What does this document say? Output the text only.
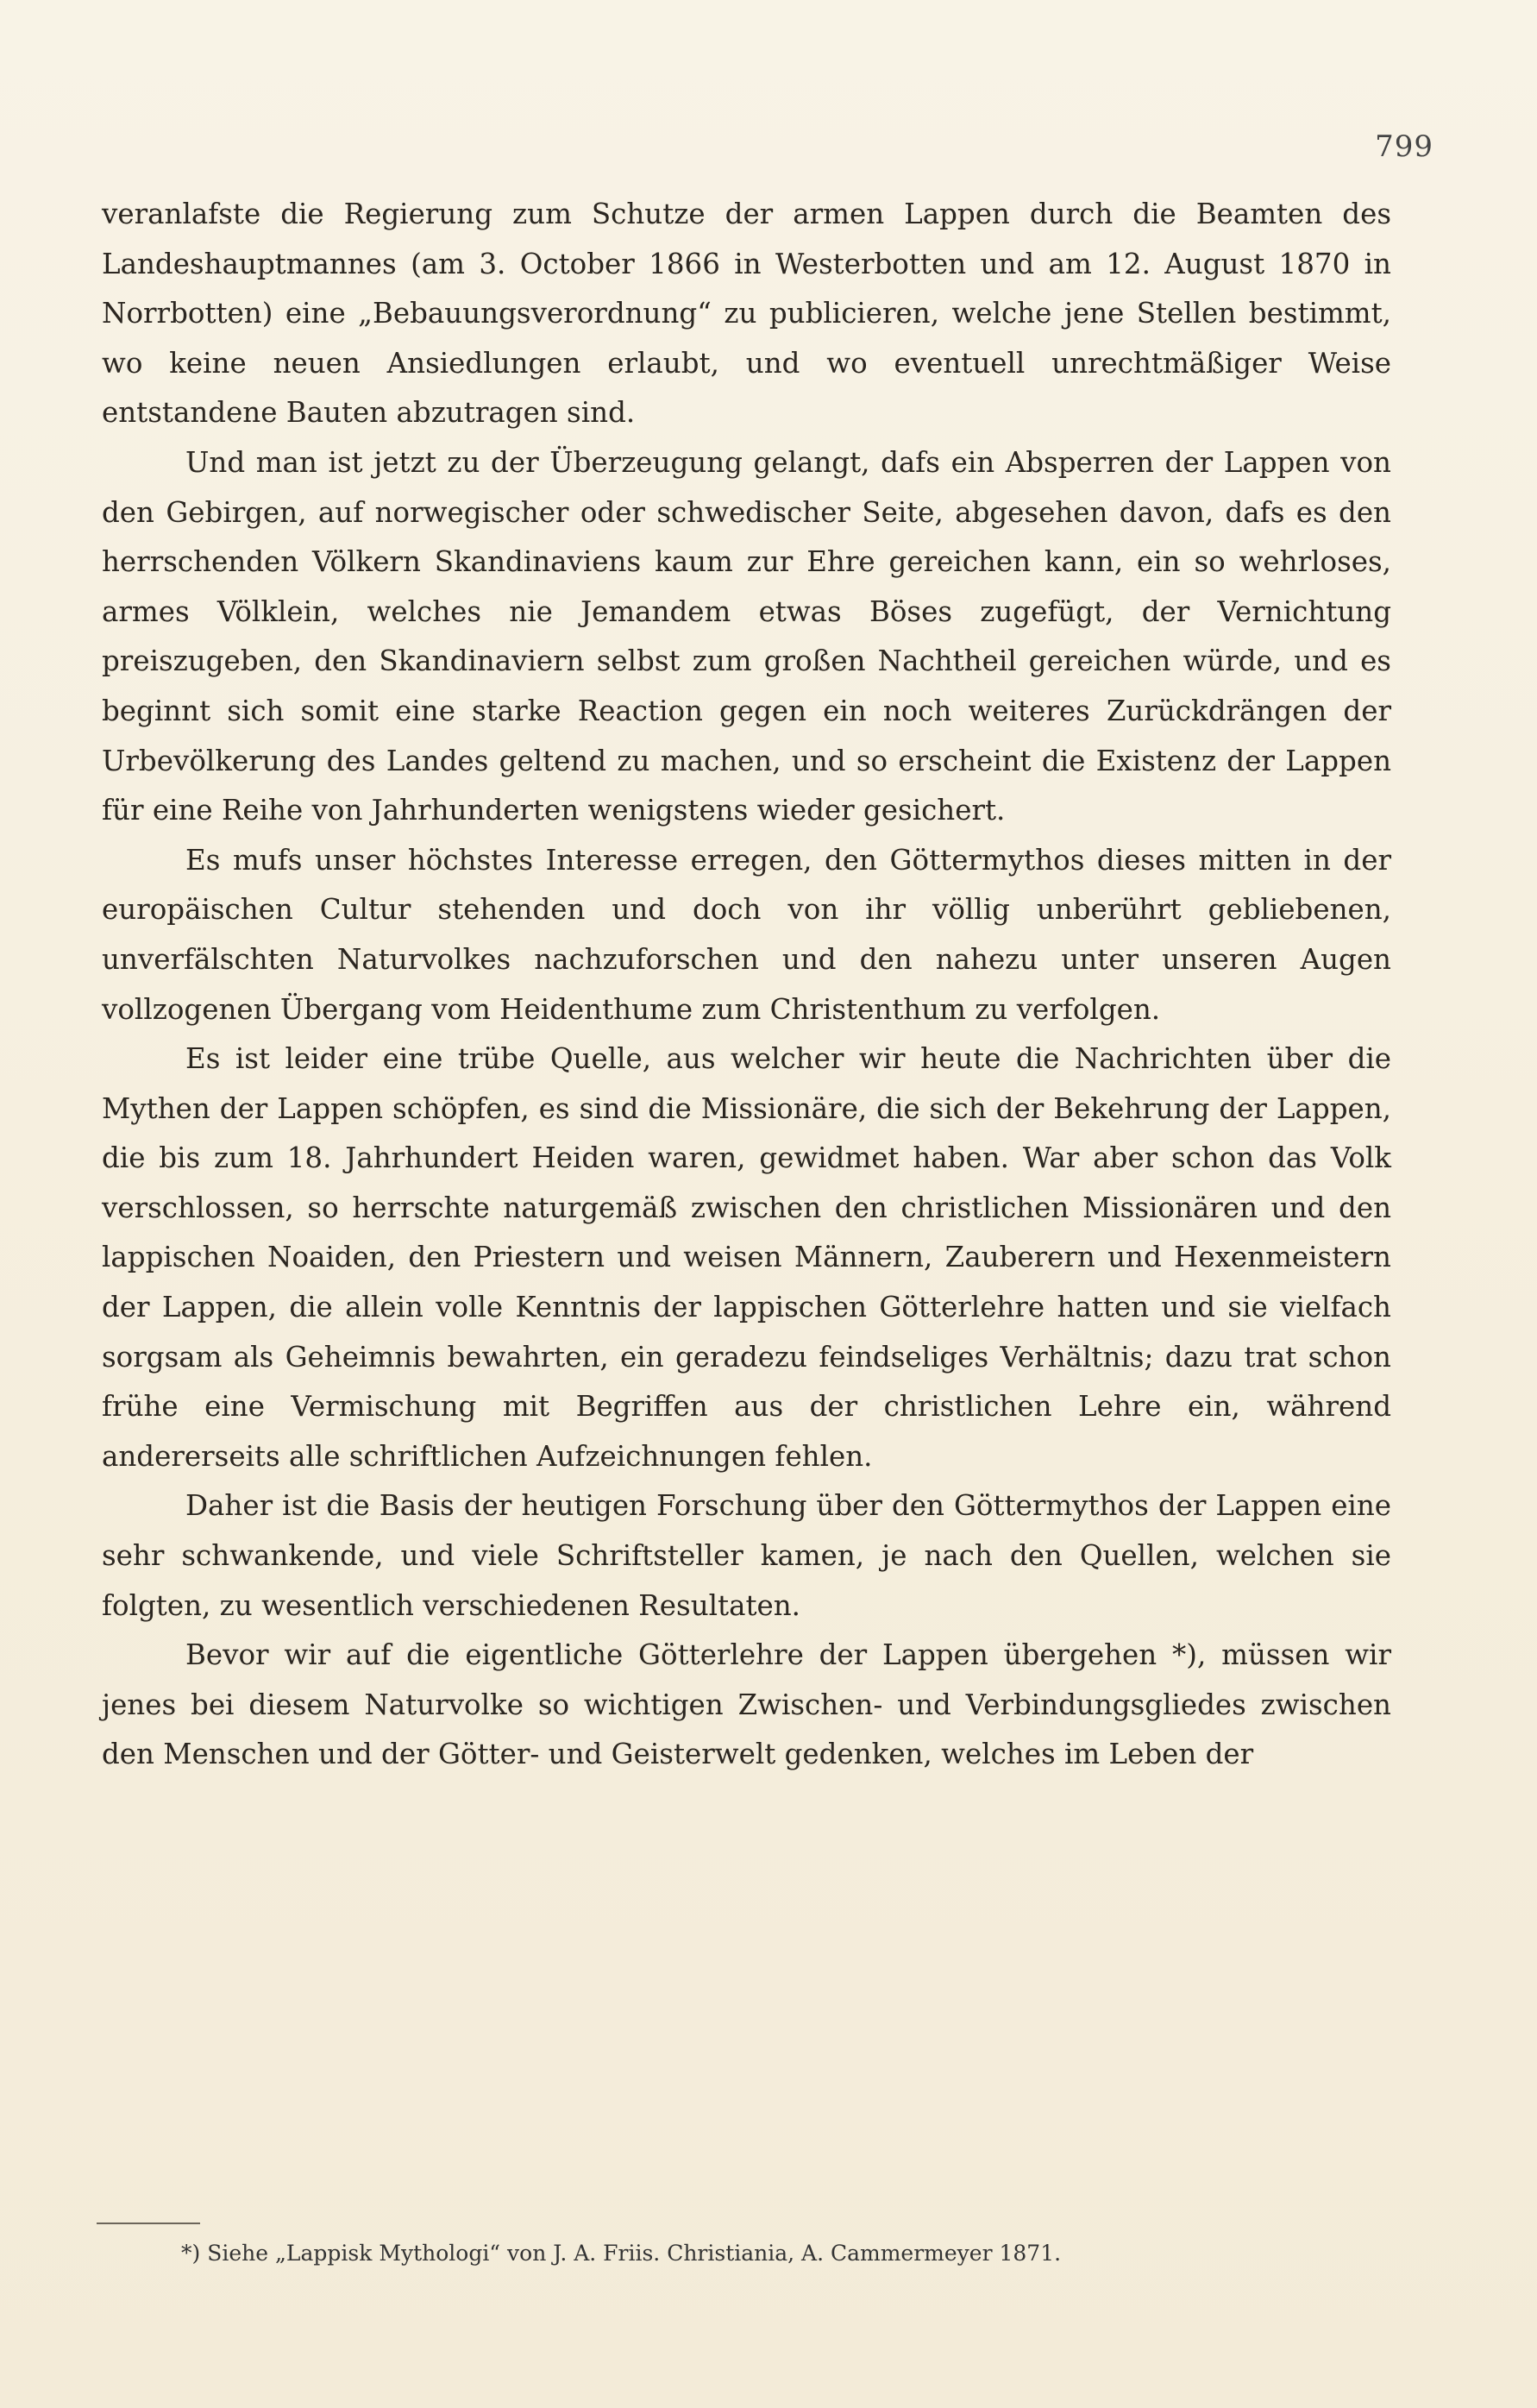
799

veranlafste die Regierung zum Schutze der armen Lappen durch die Beamten des Landeshauptmannes (am 3. October 1866 in Westerbotten und am 12. August 1870 in Norrbotten) eine „Bebauungsverordnung“ zu publicieren, welche jene Stellen bestimmt, wo keine neuen Ansiedlungen erlaubt, und wo eventuell unrechtmäßiger Weise entstandene Bauten abzutragen sind.

Und man ist jetzt zu der Überzeugung gelangt, dafs ein Absperren der Lappen von den Gebirgen, auf norwegischer oder schwedischer Seite, abgesehen davon, dafs es den herrschenden Völkern Skandinaviens kaum zur Ehre gereichen kann, ein so wehrloses, armes Völklein, welches nie Jemandem etwas Böses zugefügt, der Vernichtung preiszugeben, den Skandinaviern selbst zum großen Nachtheil gereichen würde, und es beginnt sich somit eine starke Reaction gegen ein noch weiteres Zurückdrängen der Urbevölkerung des Landes geltend zu machen, und so erscheint die Existenz der Lappen für eine Reihe von Jahrhunderten wenigstens wieder gesichert.

Es mufs unser höchstes Interesse erregen, den Göttermythos dieses mitten in der europäischen Cultur stehenden und doch von ihr völlig unberührt gebliebenen, unverfälschten Naturvolkes nachzuforschen und den nahezu unter unseren Augen vollzogenen Übergang vom Heidenthume zum Christenthum zu verfolgen.

Es ist leider eine trübe Quelle, aus welcher wir heute die Nachrichten über die Mythen der Lappen schöpfen, es sind die Missionäre, die sich der Bekehrung der Lappen, die bis zum 18. Jahrhundert Heiden waren, gewidmet haben. War aber schon das Volk verschlossen, so herrschte naturgemäß zwischen den christlichen Missionären und den lappischen Noaiden, den Priestern und weisen Männern, Zauberern und Hexenmeistern der Lappen, die allein volle Kenntnis der lappischen Götterlehre hatten und sie vielfach sorgsam als Geheimnis bewahrten, ein geradezu feindseliges Verhältnis; dazu trat schon frühe eine Vermischung mit Begriffen aus der christlichen Lehre ein, während andererseits alle schriftlichen Aufzeichnungen fehlen.

Daher ist die Basis der heutigen Forschung über den Göttermythos der Lappen eine sehr schwankende, und viele Schriftsteller kamen, je nach den Quellen, welchen sie folgten, zu wesentlich verschiedenen Resultaten.

Bevor wir auf die eigentliche Götterlehre der Lappen übergehen *), müssen wir jenes bei diesem Naturvolke so wichtigen Zwischen- und Verbindungsgliedes zwischen den Menschen und der Götter- und Geisterwelt gedenken, welches im Leben der

*) Siehe „Lappisk Mythologi“ von J. A. Friis. Christiania, A. Cammermeyer 1871.
